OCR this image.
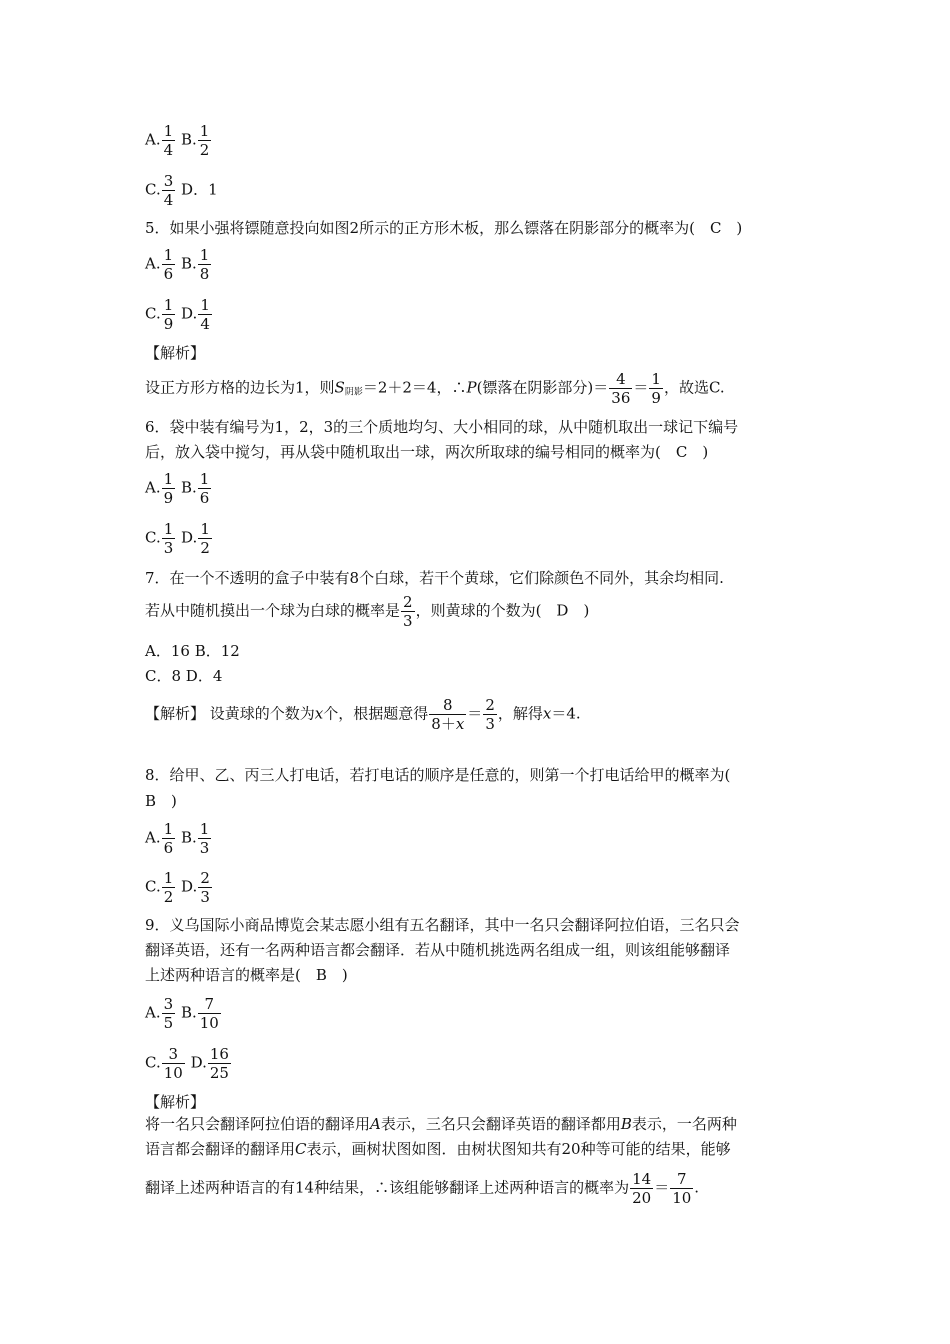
A. $\frac{1}{4} B$. $\frac{1}{2}$
C. $\frac{3}{4}$ D．1
5．如果小强将镖随意投向如图2所示的正方形木板，那么镖落在阴影部分的概率为(　C　)
A. $\frac{1}{6} B$. $\frac{1}{8}$
C. $\frac{1}{9} D$. $\frac{1}{4}$
【解析】
设正方形方格的边长为1，则$S_{阴影}=2+2=4$，∴P(镖落在阴影部分)＝ $\frac{4}{36} = \frac{1}{9}$ ，故选C.
6．袋中装有编号为1，2，3的三个质地均匀、大小相同的球，从中随机取出一球记下编号
后，放入袋中搅匀，再从袋中随机取出一球，两次所取球的编号相同的概率为(　C　)
A. $\frac{1}{9} B$. $\frac{1}{6}$
C. $\frac{1}{3} D$. $\frac{1}{2}$
7．在一个不透明的盒子中装有8个白球，若干个黄球，它们除颜色不同外，其余均相同.
若从中随机摸出一个球为白球的概率是 $\frac{2}{3}$ ，则黄球的个数为(　D　)
A．16 B．12
C．8 D．4
【解析】 设黄球的个数为x个，根据题意得 $\frac{8}{8+x} = \frac{2}{3}$ ，解得x＝4.
8．给甲、乙、丙三人打电话，若打电话的顺序是任意的，则第一个打电话给甲的概率为(
B　)
A. $\frac{1}{6} B$. $\frac{1}{3}$
C. $\frac{1}{2} D$. $\frac{2}{3}$
9．义乌国际小商品博览会某志愿小组有五名翻译，其中一名只会翻译阿拉伯语，三名只会
翻译英语，还有一名两种语言都会翻译．若从中随机挑选两名组成一组，则该组能够翻译
上述两种语言的概率是(　B　)
A. $\frac{3}{5} B$. $\frac{7}{10}$
C. $\frac{3}{10} D$. $\frac{16}{25}$
【解析】
将一名只会翻译阿拉伯语的翻译用A表示，三名只会翻译英语的翻译都用B表示，一名两种
语言都会翻译的翻译用C表示，画树状图如图．由树状图知共有20种等可能的结果，能够
翻译上述两种语言的有14种结果，∴该组能够翻译上述两种语言的概率为 $\frac{14}{20} = \frac{7}{10}$ .
